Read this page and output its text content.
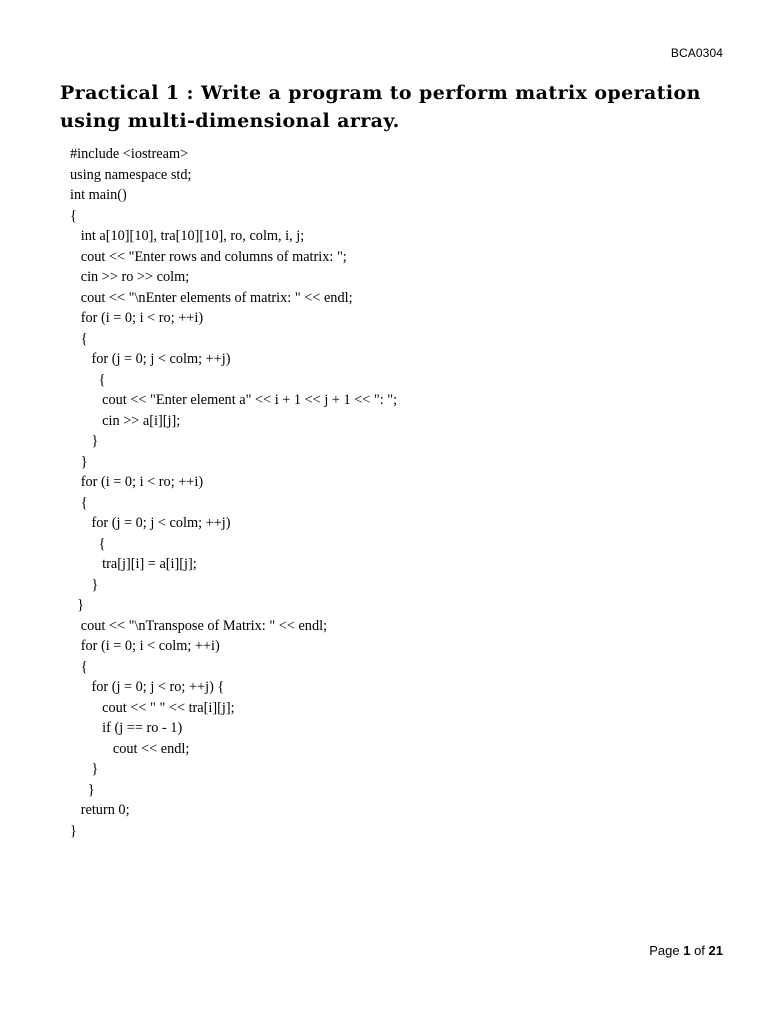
BCA0304
Practical 1 : Write a program to perform matrix operation using multi-dimensional array.
#include <iostream>
using namespace std;
int main()
{
int a[10][10], tra[10][10], ro, colm, i, j;
cout << "Enter rows and columns of matrix: ";
cin >> ro >> colm;
cout << "\nEnter elements of matrix: " << endl;
for (i = 0; i < ro; ++i)
{
for (j = 0; j < colm; ++j)
{
cout << "Enter element a" << i + 1 << j + 1 << ": ";
cin >> a[i][j];
}
}
for (i = 0; i < ro; ++i)
{
for (j = 0; j < colm; ++j)
{
tra[j][i] = a[i][j];
}
}
cout << "\nTranspose of Matrix: " << endl;
for (i = 0; i < colm; ++i)
{
for (j = 0; j < ro; ++j) {
cout << " " << tra[i][j];
if (j == ro - 1)
cout << endl;
}
}
return 0;
}
Page 1 of 21
